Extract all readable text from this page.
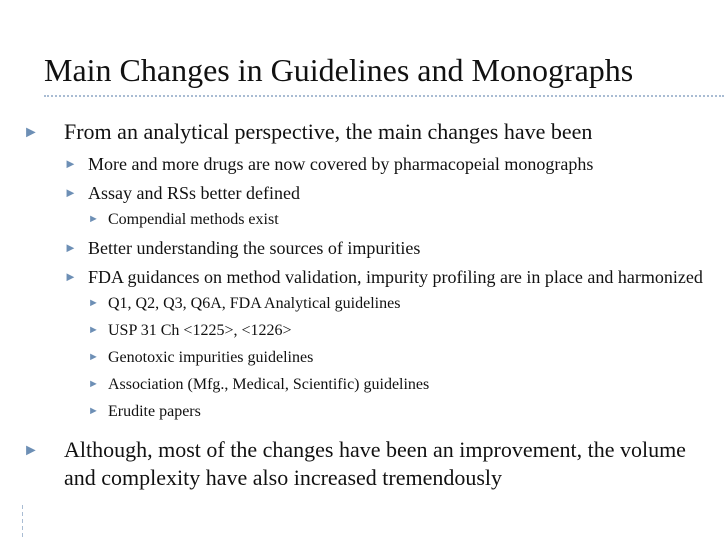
Main Changes in Guidelines and Monographs
► From an analytical perspective, the main changes have been
► More and more drugs are now covered by pharmacopeial monographs
► Assay and RSs better defined
► Compendial methods exist
► Better understanding the sources of impurities
► FDA guidances on method validation, impurity profiling are in place and harmonized
► Q1, Q2, Q3, Q6A, FDA Analytical guidelines
► USP 31 Ch <1225>, <1226>
► Genotoxic impurities guidelines
► Association (Mfg., Medical, Scientific) guidelines
► Erudite papers
► Although, most of the changes have been an improvement, the volume and complexity have also increased tremendously
